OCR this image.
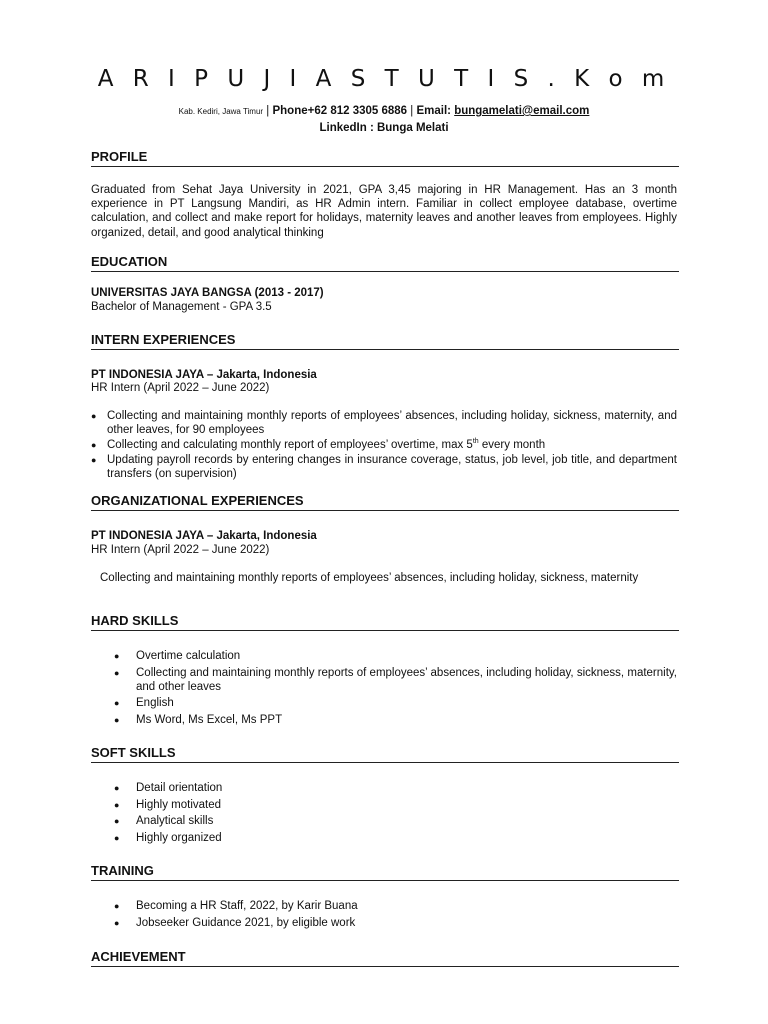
A R I P U J I A S T U T I S . K o m
Kab. Kediri, Jawa Timur | Phone+62 812 3305 6886 | Email: bungamelati@email.com
LinkedIn : Bunga Melati
PROFILE
Graduated from Sehat Jaya University in 2021, GPA 3,45 majoring in HR Management. Has an 3 month experience in PT Langsung Mandiri, as HR Admin intern. Familiar in collect employee database, overtime calculation, and collect and make report for holidays, maternity leaves and another leaves from employees. Highly organized, detail, and good analytical thinking
EDUCATION
UNIVERSITAS JAYA BANGSA (2013 - 2017)
Bachelor of Management - GPA 3.5
INTERN EXPERIENCES
PT INDONESIA JAYA – Jakarta, Indonesia
HR Intern (April 2022 – June 2022)
● Collecting and maintaining monthly reports of employees’ absences, including holiday, sickness, maternity, and other leaves, for 90 employees
● Collecting and calculating monthly report of employees’ overtime, max 5th every month
● Updating payroll records by entering changes in insurance coverage, status, job level, job title, and department transfers (on supervision)
ORGANIZATIONAL EXPERIENCES
PT INDONESIA JAYA – Jakarta, Indonesia
HR Intern (April 2022 – June 2022)
Collecting and maintaining monthly reports of employees’ absences, including holiday, sickness, maternity
HARD SKILLS
● Overtime calculation
● Collecting and maintaining monthly reports of employees’ absences, including holiday, sickness, maternity, and other leaves
● English
● Ms Word, Ms Excel, Ms PPT
SOFT SKILLS
● Detail orientation
● Highly motivated
● Analytical skills
● Highly organized
TRAINING
● Becoming a HR Staff, 2022, by Karir Buana
● Jobseeker Guidance 2021, by eligible work
ACHIEVEMENT
